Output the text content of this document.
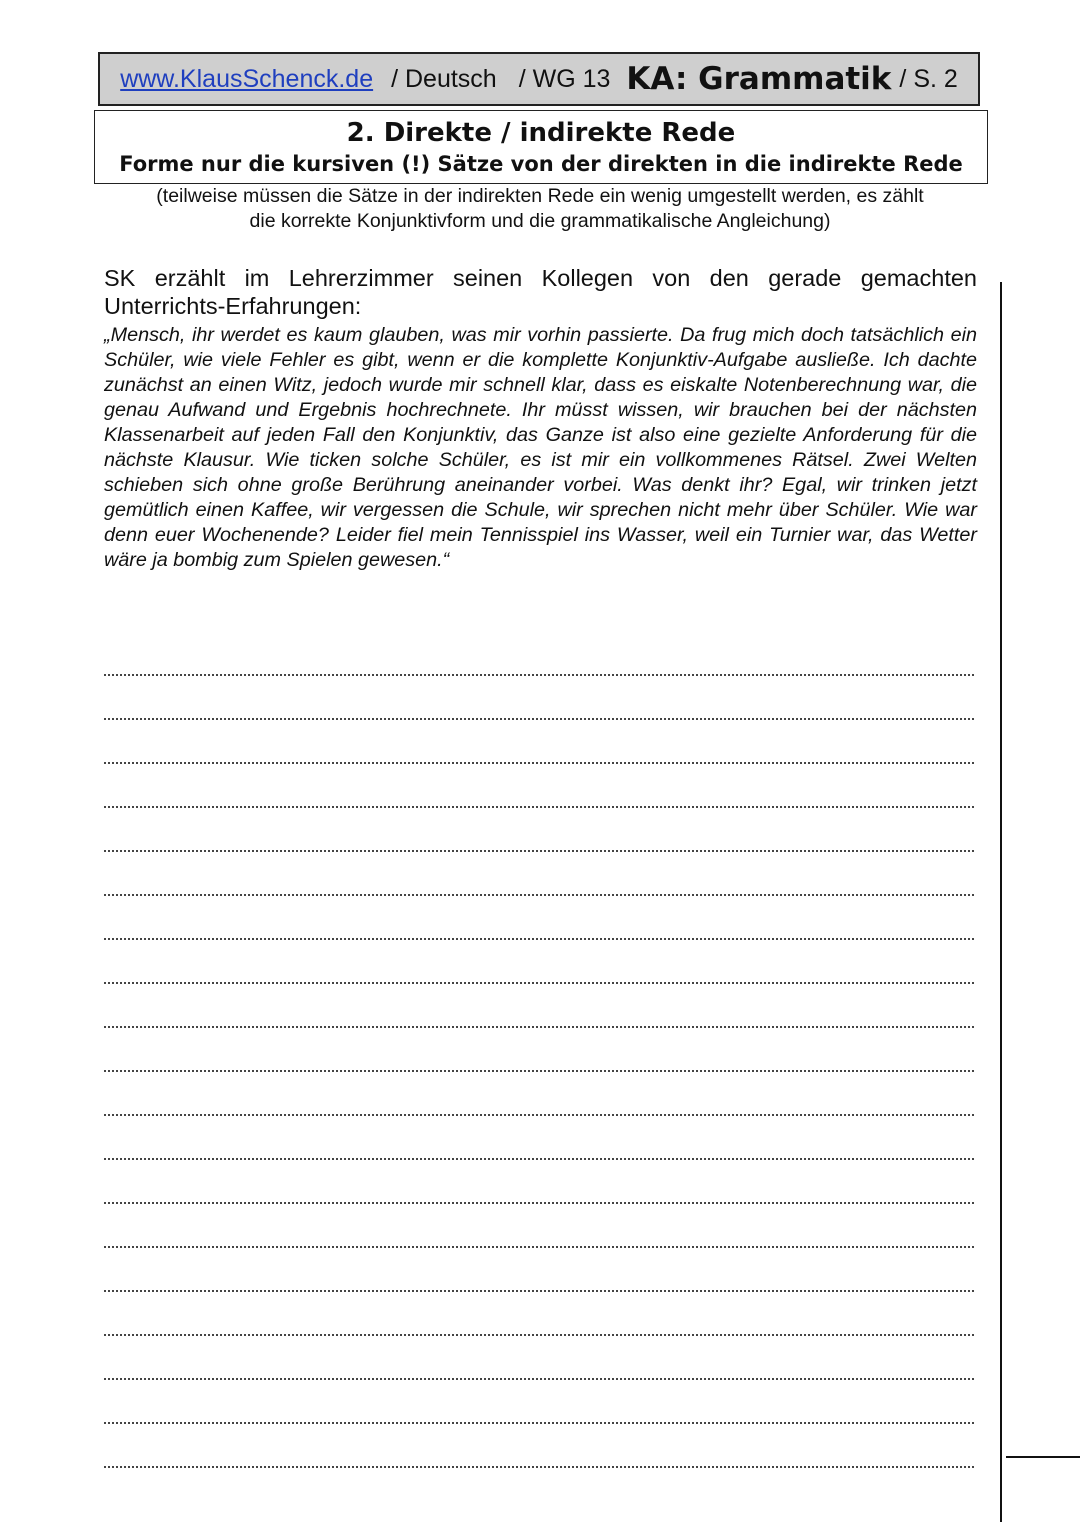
www.KlausSchenck.de / Deutsch / WG 13 KA: Grammatik / S. 2
2. Direkte / indirekte Rede
Forme nur die kursiven (!) Sätze von der direkten in die indirekte Rede
(teilweise müssen die Sätze in der indirekten Rede ein wenig umgestellt werden, es zählt
die korrekte Konjunktivform und die grammatikalische Angleichung)
SK erzählt im Lehrerzimmer seinen Kollegen von den gerade gemachten Unterrichts-Erfahrungen:
„Mensch, ihr werdet es kaum glauben, was mir vorhin passierte. Da frug mich doch tatsächlich ein Schüler, wie viele Fehler es gibt, wenn er die komplette Konjunktiv-Aufgabe ausließe. Ich dachte zunächst an einen Witz, jedoch wurde mir schnell klar, dass es eiskalte Notenberechnung war, die genau Aufwand und Ergebnis hochrechnete. Ihr müsst wissen, wir brauchen bei der nächsten Klassenarbeit auf jeden Fall den Konjunktiv, das Ganze ist also eine gezielte Anforderung für die nächste Klausur. Wie ticken solche Schüler, es ist mir ein vollkommenes Rätsel. Zwei Welten schieben sich ohne große Berührung aneinander vorbei. Was denkt ihr? Egal, wir trinken jetzt gemütlich einen Kaffee, wir vergessen die Schule, wir sprechen nicht mehr über Schüler. Wie war denn euer Wochenende? Leider fiel mein Tennisspiel ins Wasser, weil ein Turnier war, das Wetter wäre ja bombig zum Spielen gewesen.“
